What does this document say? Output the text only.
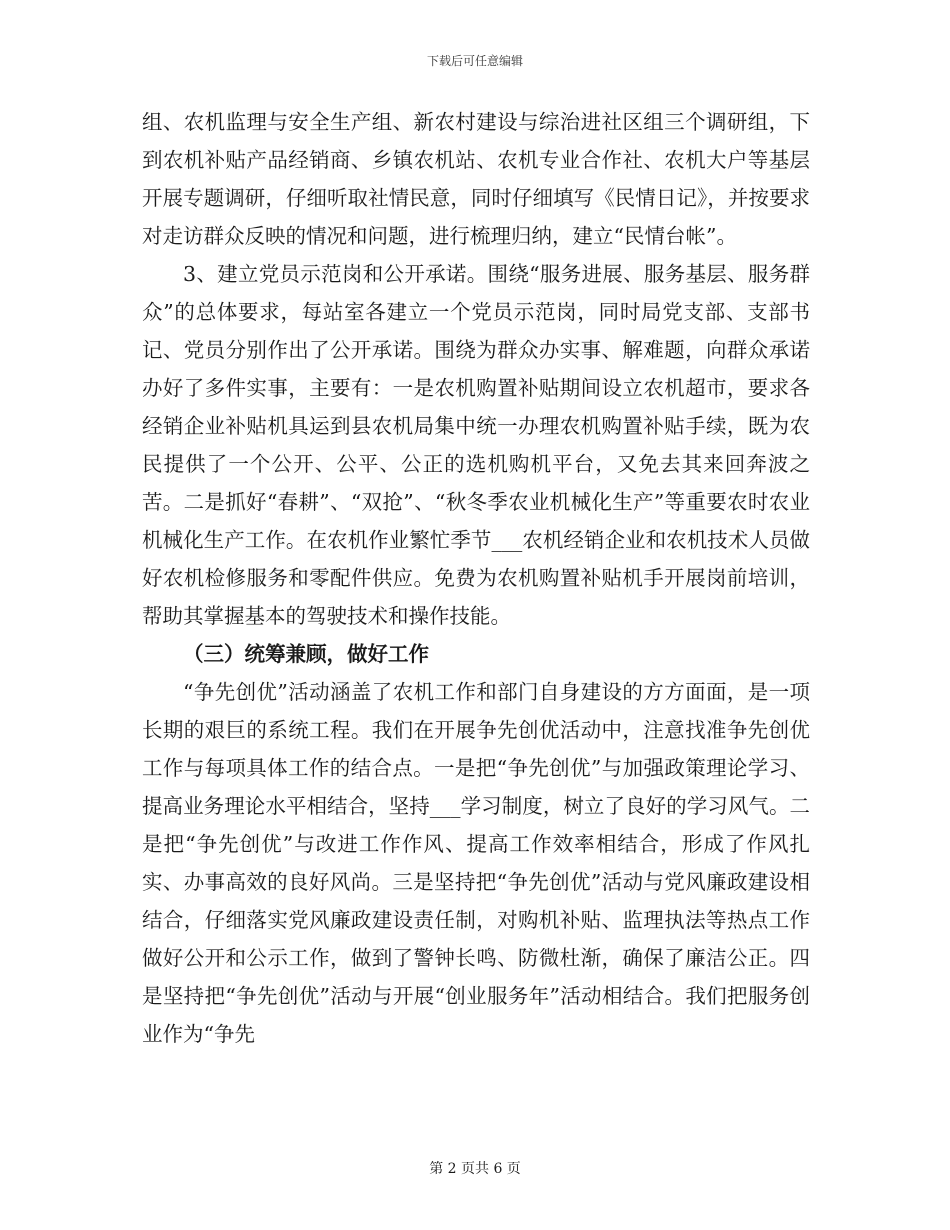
下载后可任意编辑

组、农机监理与安全生产组、新农村建设与综治进社区组三个调研组，下到农机补贴产品经销商、乡镇农机站、农机专业合作社、农机大户等基层开展专题调研，仔细听取社情民意，同时仔细填写《民情日记》，并按要求对走访群众反映的情况和问题，进行梳理归纳，建立“民情台帐”。

3、建立党员示范岗和公开承诺。围绕“服务进展、服务基层、服务群众”的总体要求，每站室各建立一个党员示范岗，同时局党支部、支部书记、党员分别作出了公开承诺。围绕为群众办实事、解难题，向群众承诺办好了多件实事，主要有：一是农机购置补贴期间设立农机超市，要求各经销企业补贴机具运到县农机局集中统一办理农机购置补贴手续，既为农民提供了一个公开、公平、公正的选机购机平台，又免去其来回奔波之苦。二是抓好“春耕”、“双抢”、“秋冬季农业机械化生产”等重要农时农业机械化生产工作。在农机作业繁忙季节___农机经销企业和农机技术人员做好农机检修服务和零配件供应。免费为农机购置补贴机手开展岗前培训，帮助其掌握基本的驾驶技术和操作技能。

（三）统筹兼顾，做好工作

“争先创优”活动涵盖了农机工作和部门自身建设的方方面面，是一项长期的艰巨的系统工程。我们在开展争先创优活动中，注意找准争先创优工作与每项具体工作的结合点。一是把“争先创优”与加强政策理论学习、提高业务理论水平相结合，坚持___学习制度，树立了良好的学习风气。二是把“争先创优”与改进工作作风、提高工作效率相结合，形成了作风扎实、办事高效的良好风尚。三是坚持把“争先创优”活动与党风廉政建设相结合，仔细落实党风廉政建设责任制，对购机补贴、监理执法等热点工作做好公开和公示工作，做到了警钟长鸣、防微杜渐，确保了廉洁公正。四是坚持把“争先创优”活动与开展“创业服务年”活动相结合。我们把服务创业作为“争先

第 2 页共 6 页
